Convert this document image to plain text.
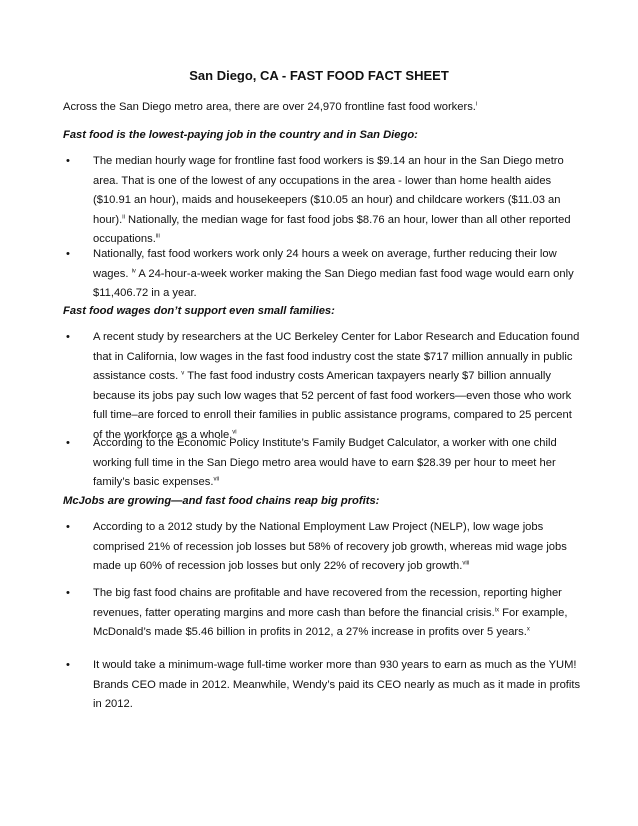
San Diego, CA - FAST FOOD FACT SHEET
Across the San Diego metro area, there are over 24,970 frontline fast food workers.$^i$
Fast food is the lowest-paying job in the country and in San Diego:
•	The median hourly wage for frontline fast food workers is $9.14 an hour in the San Diego metro area. That is one of the lowest of any occupations in the area - lower than home health aides ($10.91 an hour), maids and housekeepers ($10.05 an hour) and childcare workers ($11.03 an hour).$^{ii}$ Nationally, the median wage for fast food jobs $8.76 an hour, lower than all other reported occupations.$^{iii}$
•	Nationally, fast food workers work only 24 hours a week on average, further reducing their low wages. $^{iv}$ A 24-hour-a-week worker making the San Diego median fast food wage would earn only $11,406.72 in a year.
Fast food wages don’t support even small families:
•	A recent study by researchers at the UC Berkeley Center for Labor Research and Education found that in California, low wages in the fast food industry cost the state $717 million annually in public assistance costs. $^v$ The fast food industry costs American taxpayers nearly $7 billion annually because its jobs pay such low wages that 52 percent of fast food workers—even those who work full time–are forced to enroll their families in public assistance programs, compared to 25 percent of the workforce as a whole.$^{vi}$
•	According to the Economic Policy Institute’s Family Budget Calculator, a worker with one child working full time in the San Diego metro area would have to earn $28.39 per hour to meet her family’s basic expenses.$^{vii}$
McJobs are growing—and fast food chains reap big profits:
•	According to a 2012 study by the National Employment Law Project (NELP), low wage jobs comprised 21% of recession job losses but 58% of recovery job growth, whereas mid wage jobs made up 60% of recession job losses but only 22% of recovery job growth.$^{viii}$
•	The big fast food chains are profitable and have recovered from the recession, reporting higher revenues, fatter operating margins and more cash than before the financial crisis.$^{ix}$ For example, McDonald’s made $5.46 billion in profits in 2012, a 27% increase in profits over 5 years.$^x$
•	It would take a minimum-wage full-time worker more than 930 years to earn as much as the YUM! Brands CEO made in 2012. Meanwhile, Wendy’s paid its CEO nearly as much as it made in profits in 2012.
